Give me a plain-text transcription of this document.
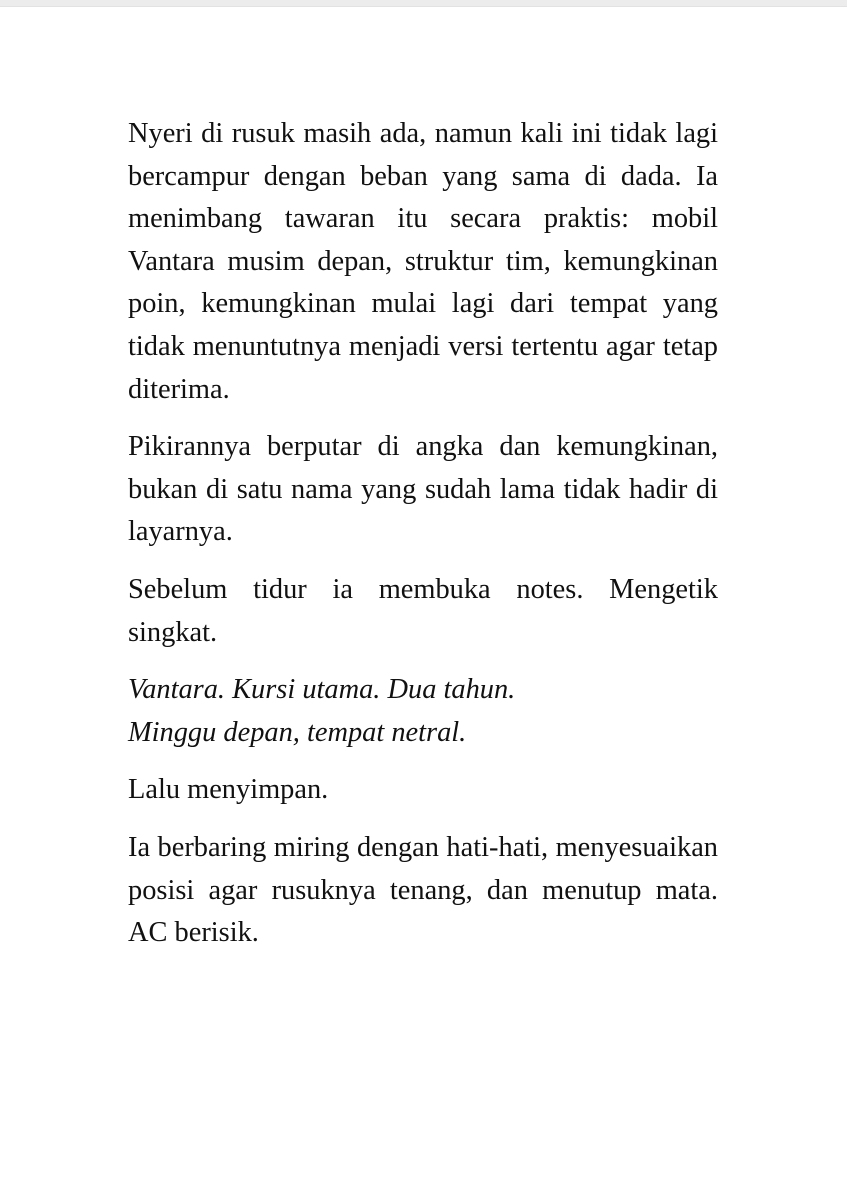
Nyeri di rusuk masih ada, namun kali ini tidak lagi bercampur dengan beban yang sama di dada. Ia menimbang tawaran itu secara praktis: mobil Vantara musim depan, struktur tim, kemungkinan poin, kemungkinan mulai lagi dari tempat yang tidak menuntutnya menjadi versi tertentu agar tetap diterima.

Pikirannya berputar di angka dan kemungkinan, bukan di satu nama yang sudah lama tidak hadir di layarnya.

Sebelum tidur ia membuka notes. Mengetik singkat.

Vantara. Kursi utama. Dua tahun.
Minggu depan, tempat netral.

Lalu menyimpan.

Ia berbaring miring dengan hati-hati, menyesuaikan posisi agar rusuknya tenang, dan menutup mata. AC berisik.
